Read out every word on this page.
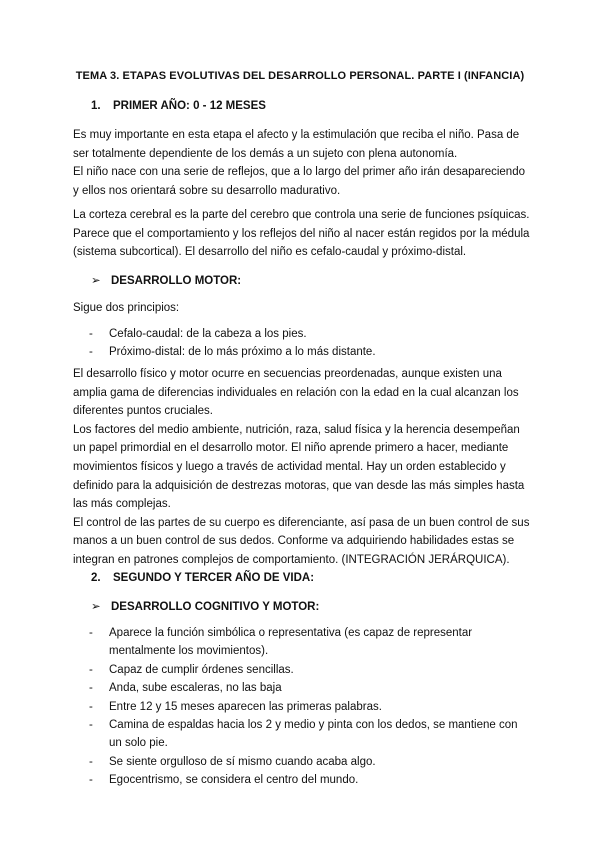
TEMA 3. ETAPAS EVOLUTIVAS DEL DESARROLLO PERSONAL. PARTE I (INFANCIA)
1. PRIMER AÑO: 0 - 12 MESES

Es muy importante en esta etapa el afecto y la estimulación que reciba el niño. Pasa de ser totalmente dependiente de los demás a un sujeto con plena autonomía.

El niño nace con una serie de reflejos, que a lo largo del primer año irán desapareciendo y ellos nos orientará sobre su desarrollo madurativo.

La corteza cerebral es la parte del cerebro que controla una serie de funciones psíquicas. Parece que el comportamiento y los reflejos del niño al nacer están regidos por la médula (sistema subcortical). El desarrollo del niño es cefalo-caudal y próximo-distal.

➢ DESARROLLO MOTOR:

Sigue dos principios:

- Cefalo-caudal: de la cabeza a los pies.
- Próximo-distal: de lo más próximo a lo más distante.

El desarrollo físico y motor ocurre en secuencias preordenadas, aunque existen una amplia gama de diferencias individuales en relación con la edad en la cual alcanzan los diferentes puntos cruciales.

Los factores del medio ambiente, nutrición, raza, salud física y la herencia desempeñan un papel primordial en el desarrollo motor. El niño aprende primero a hacer, mediante movimientos físicos y luego a través de actividad mental. Hay un orden establecido y definido para la adquisición de destrezas motoras, que van desde las más simples hasta las más complejas.

El control de las partes de su cuerpo es diferenciante, así pasa de un buen control de sus manos a un buen control de sus dedos. Conforme va adquiriendo habilidades estas se integran en patrones complejos de comportamiento. (INTEGRACIÓN JERÁRQUICA).

2. SEGUNDO Y TERCER AÑO DE VIDA:
➢ DESARROLLO COGNITIVO Y MOTOR:
- Aparece la función simbólica o representativa (es capaz de representar mentalmente los movimientos).
- Capaz de cumplir órdenes sencillas.
- Anda, sube escaleras, no las baja
- Entre 12 y 15 meses aparecen las primeras palabras.
- Camina de espaldas hacia los 2 y medio y pinta con los dedos, se mantiene con un solo pie.
- Se siente orgulloso de sí mismo cuando acaba algo.
- Egocentrismo, se considera el centro del mundo.
